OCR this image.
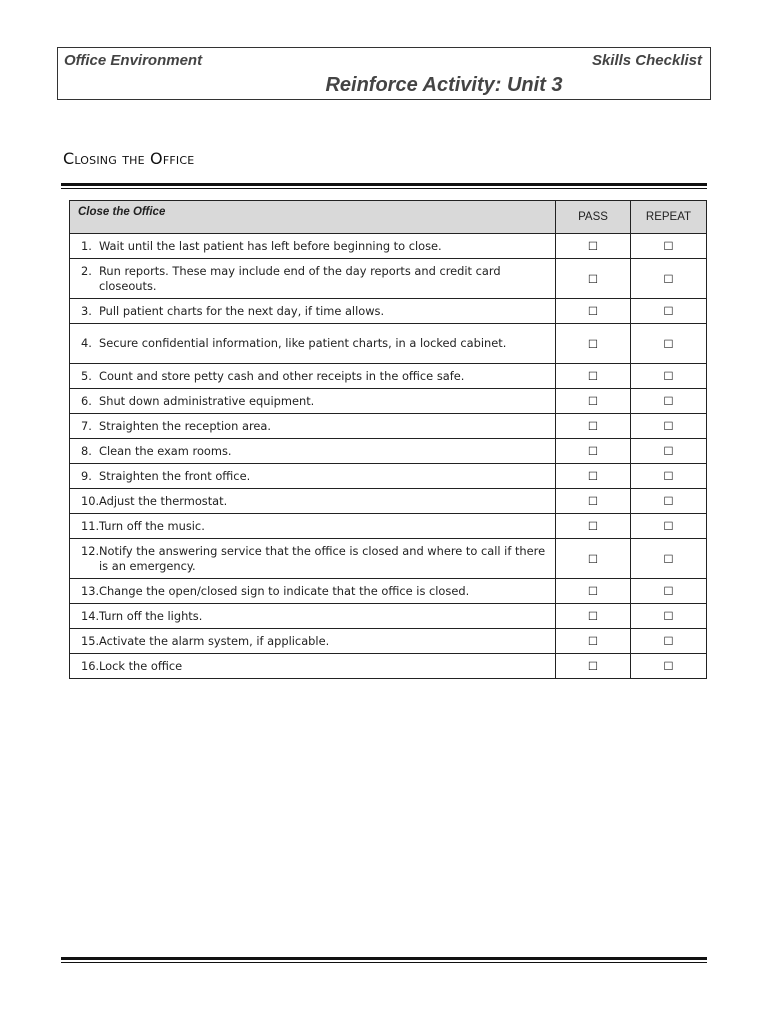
Office Environment	Skills Checklist
Reinforce Activity: Unit 3
Closing the Office
Close the Office	PASS	REPEAT
1. Wait until the last patient has left before beginning to close.	☐	☐
2. Run reports. These may include end of the day reports and credit card closeouts.	☐	☐
3. Pull patient charts for the next day, if time allows.	☐	☐
4. Secure confidential information, like patient charts, in a locked cabinet.	☐	☐
5. Count and store petty cash and other receipts in the office safe.	☐	☐
6. Shut down administrative equipment.	☐	☐
7. Straighten the reception area.	☐	☐
8. Clean the exam rooms.	☐	☐
9. Straighten the front office.	☐	☐
10.Adjust the thermostat.	☐	☐
11.Turn off the music.	☐	☐
12.Notify the answering service that the office is closed and where to call if there is an emergency.	☐	☐
13.Change the open/closed sign to indicate that the office is closed.	☐	☐
14.Turn off the lights.	☐	☐
15.Activate the alarm system, if applicable.	☐	☐
16.Lock the office	☐	☐
